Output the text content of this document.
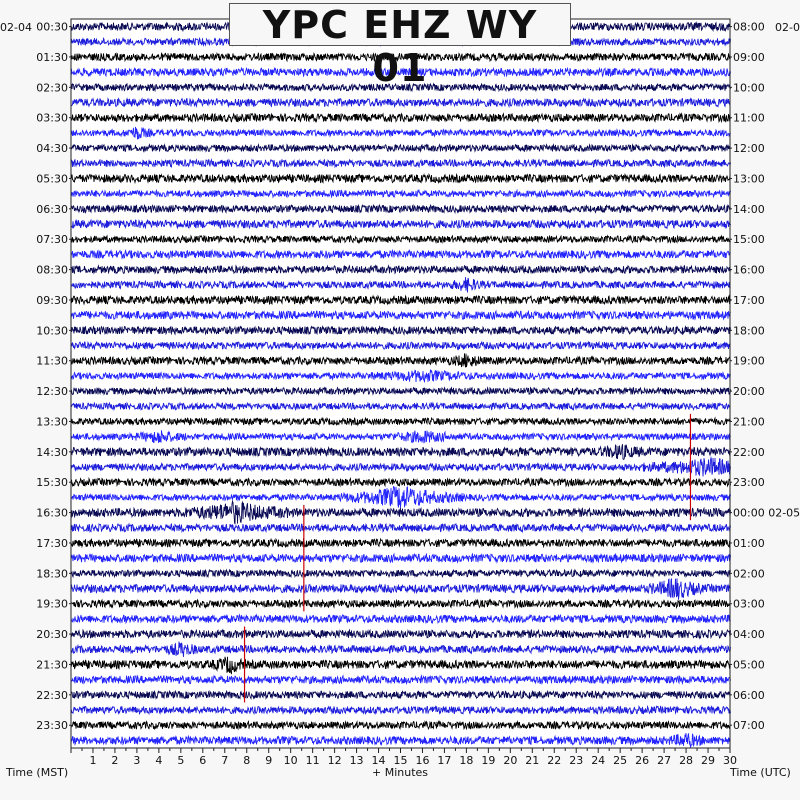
1 2 3 4 5 6 7 8 9 10 11 12 13 14 15 16 17 18 19 20 21 22 23 24 25 26 27 28 29 30
00:30
01:30
02:30
03:30
04:30
05:30
06:30
07:30
08:30
09:30
10:30
11:30
12:30
13:30
14:30
15:30
16:30
17:30
18:30
19:30
20:30
21:30
22:30
23:30
08:00
09:00
10:00
11:00
12:00
13:00
14:00
15:00
16:00
17:00
18:00
19:00
20:00
21:00
22:00
23:00
00:00 02-05
01:00
02:00
03:00
04:00
05:00
06:00
07:00
02-04	02-0
YPC EHZ WY 01
Time (MST)	+ Minutes	Time (UTC)
